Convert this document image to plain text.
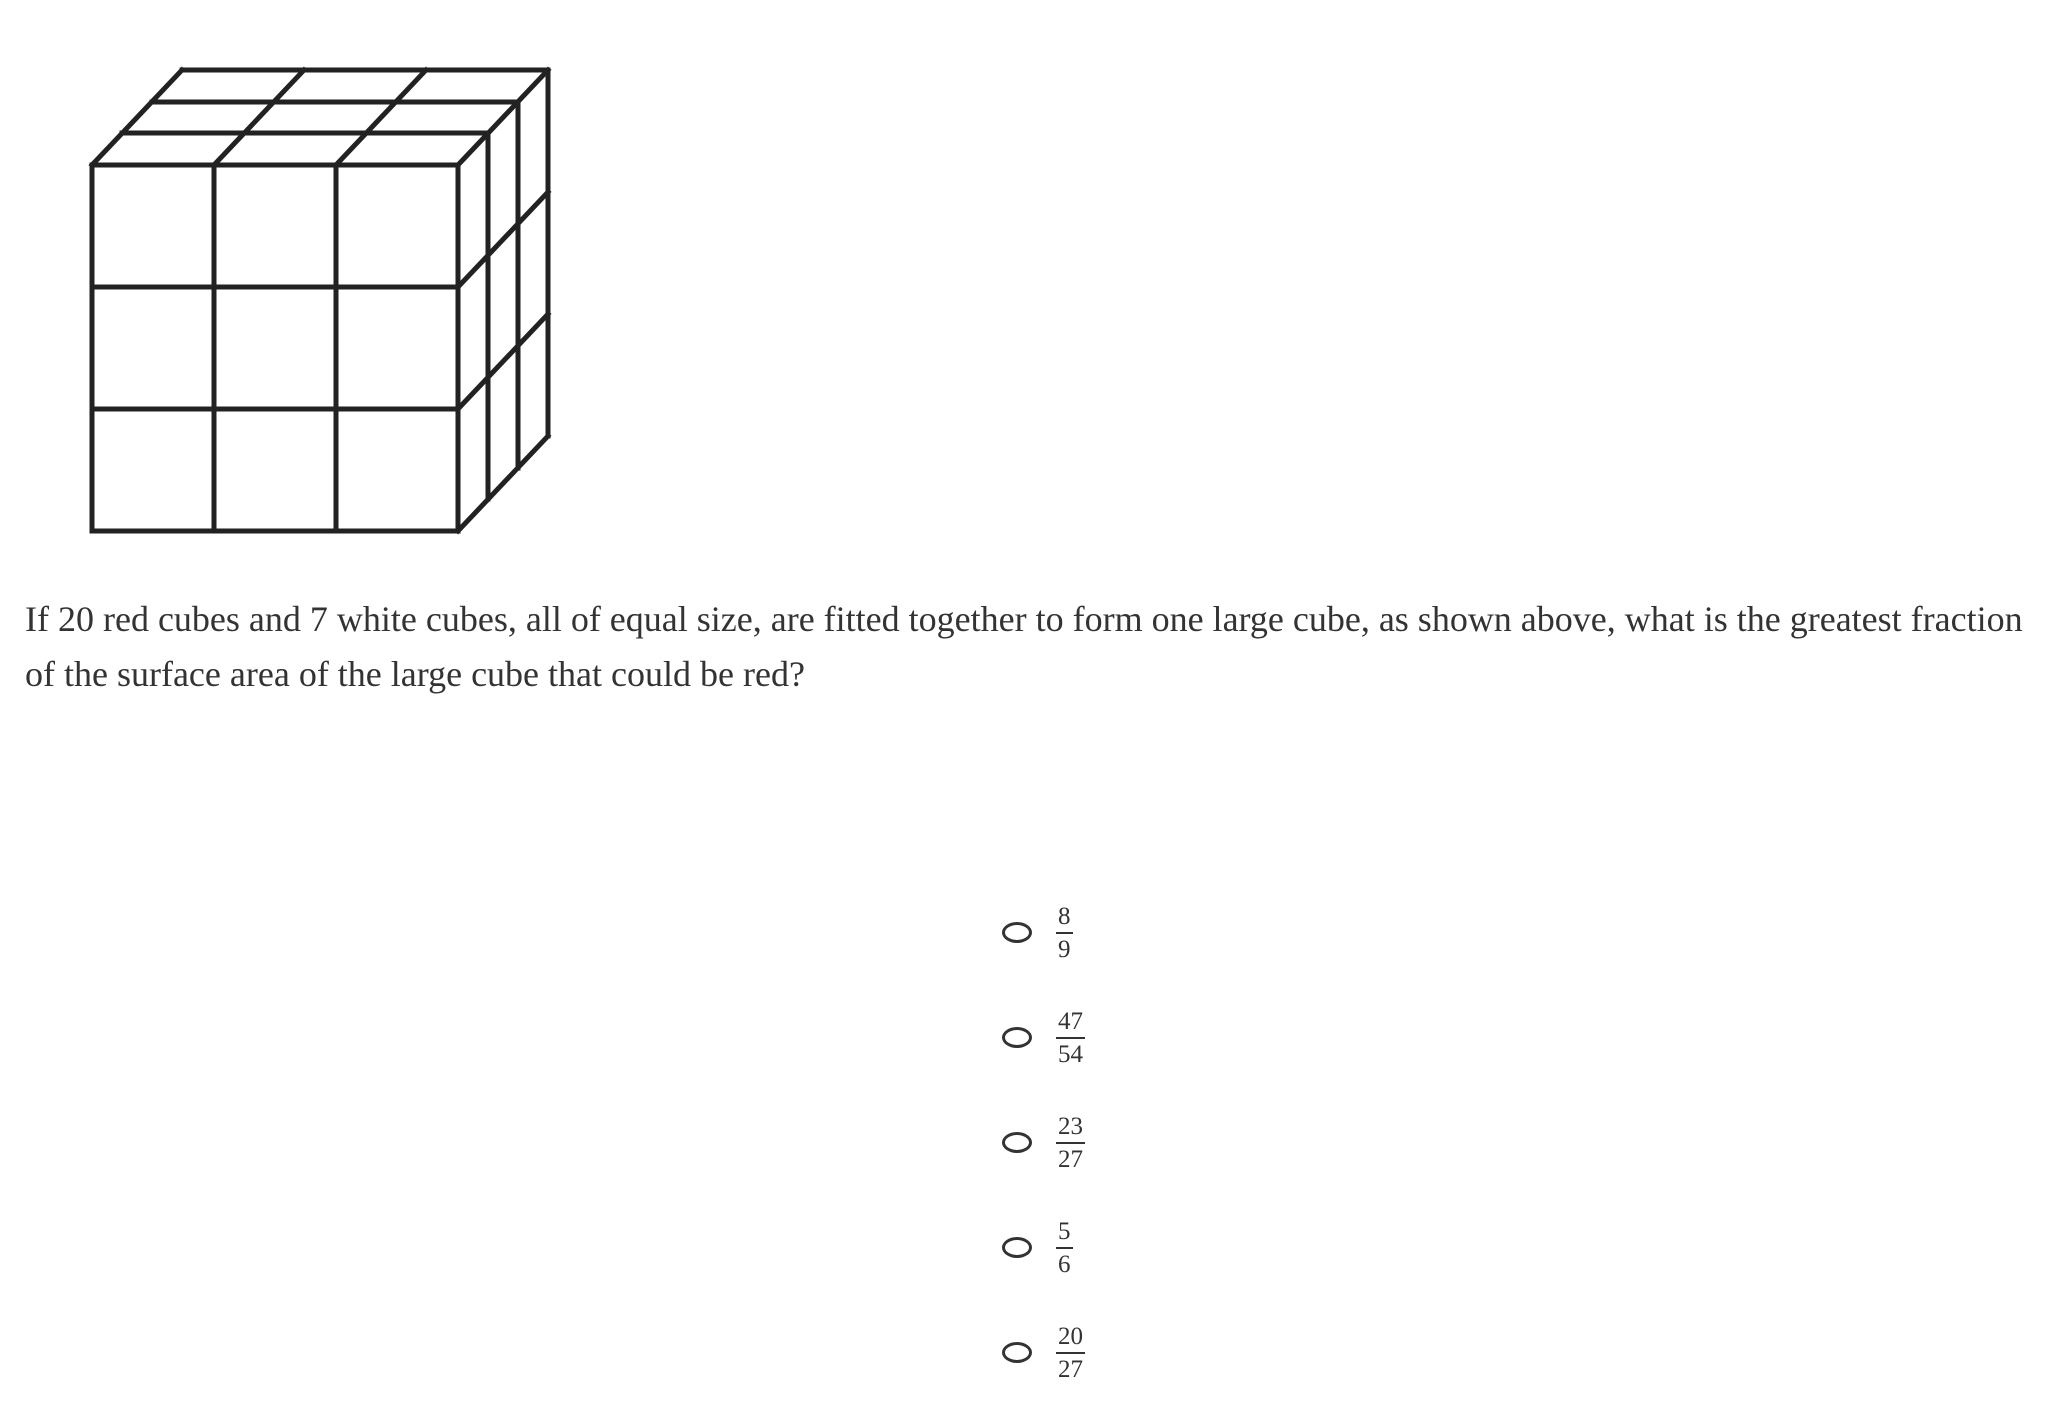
If 20 red cubes and 7 white cubes, all of equal size, are fitted together to form one large cube, as shown above, what is the greatest fraction of the surface area of the large cube that could be red?
$\frac{8}{9}$
$\frac{47}{54}$
$\frac{23}{27}$
$\frac{5}{6}$
$\frac{20}{27}$
